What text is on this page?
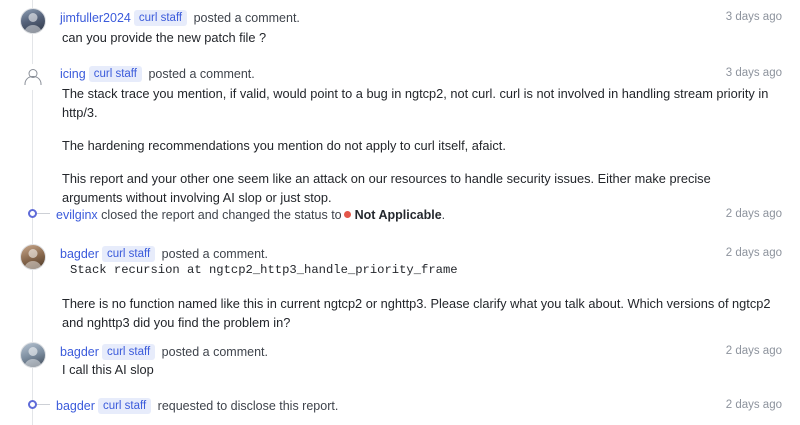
jimfuller2024 curl staff posted a comment.	3 days ago

can you provide the new patch file ?

icing curl staff posted a comment.	3 days ago

The stack trace you mention, if valid, would point to a bug in ngtcp2, not curl. curl is not involved in handling stream priority in http/3.

The hardening recommendations you mention do not apply to curl itself, afaict.

This report and your other one seem like an attack on our resources to handle security issues. Either make precise arguments without involving AI slop or just stop.

evilginx closed the report and changed the status to Not Applicable.	2 days ago
bagder curl staff posted a comment.	2 days ago

Stack recursion at ngtcp2_http3_handle_priority_frame

There is no function named like this in current ngtcp2 or nghttp3. Please clarify what you talk about. Which versions of ngtcp2 and nghttp3 did you find the problem in?

bagder curl staff posted a comment.	2 days ago

I call this AI slop

bagder curl staff requested to disclose this report.	2 days ago
